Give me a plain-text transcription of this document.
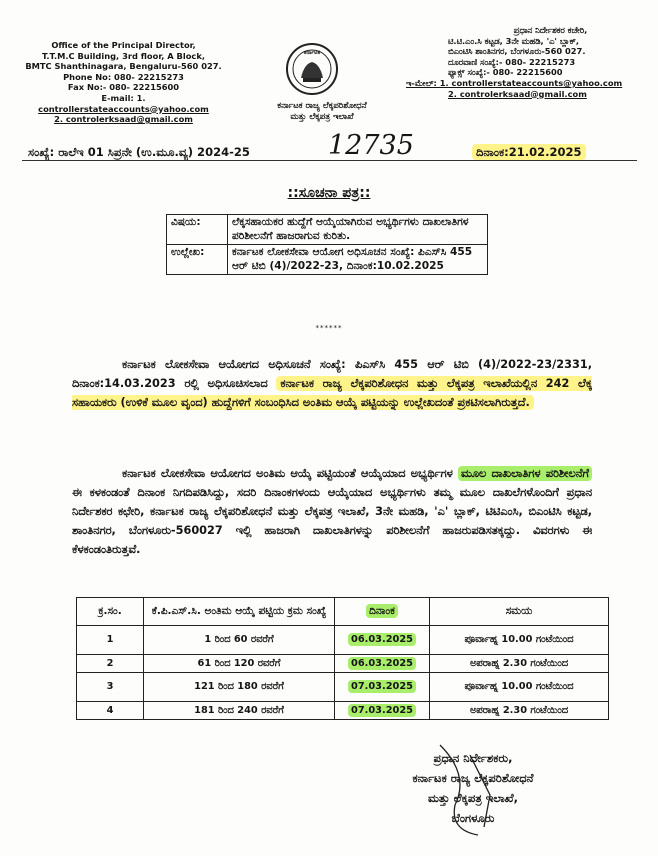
Office of the Principal Director,
T.T.M.C Building, 3rd floor, A Block,
BMTC Shanthinagara, Bengaluru-560 027.
Phone No: 080- 22215273
Fax No:- 080- 22215600
E-mail: 1.
controllerstateaccounts@yahoo.com
2. controlerksaad@gmail.com
ಕರ್ನಾಟಕ
ಕರ್ನಾಟಕ ರಾಜ್ಯ ಲೆಕ್ಕಪರಿಶೋಧನೆ
ಮತ್ತು ಲೆಕ್ಕಪತ್ರ ಇಲಾಖೆ
ಪ್ರಧಾನ ನಿರ್ದೇಶಕರ ಕಚೇರಿ,
ಟಿ.ಟಿ.ಎಂ.ಸಿ ಕಟ್ಟಡ, 3ನೇ ಮಹಡಿ, 'ಎ' ಬ್ಲಾಕ್,
ಬಿಎಂಟಿಸಿ ಶಾಂತಿನಗರ, ಬೆಂಗಳೂರು-560 027.
ದೂರವಾಣಿ ಸಂಖ್ಯೆ:- 080- 22215273
ಫ್ಯಾಕ್ಸ್ ಸಂಖ್ಯೆ:- 080- 22215600
ಇ-ಮೇಲ್: 1. controllerstateaccounts@yahoo.com
2. controlerksaad@gmail.com
ಸಂಖ್ಯೆ: ರಾಲೆಇ 01 ಸಿಪ್ರನೇ (ಉ.ಮೂ.ವ್ಯ) 2024-25	12735	ದಿನಾಂಕ:21.02.2025
::ಸೂಚನಾ ಪತ್ರ::
ವಿಷಯ:	ಲೆಕ್ಕಸಹಾಯಕರ ಹುದ್ದೆಗೆ ಆಯ್ಕೆಯಾಗಿರುವ ಅಭ್ಯರ್ಥಿಗಳು ದಾಖಲಾತಿಗಳ ಪರಿಶೀಲನೆಗೆ ಹಾಜರಾಗುವ ಕುರಿತು.
ಉಲ್ಲೇಖ:	ಕರ್ನಾಟಕ ಲೋಕಸೇವಾ ಆಯೋಗ ಅಧಿಸೂಚನ ಸಂಖ್ಯೆ: ಪಿಎಸ್‌ಸಿ 455 ಆರ್ ಟಿಬಿ (4)/2022-23, ದಿನಾಂಕ:10.02.2025
******
ಕರ್ನಾಟಕ ಲೋಕಸೇವಾ ಆಯೋಗದ ಅಧಿಸೂಚನೆ ಸಂಖ್ಯೆ: ಪಿಎಸ್‌ಸಿ 455 ಆರ್ ಟಿಬಿ (4)/2022-23/2331, ದಿನಾಂಕ:14.03.2023 ರಲ್ಲಿ ಅಧಿಸೂಚಿಸಲಾದ ಕರ್ನಾಟಕ ರಾಜ್ಯ ಲೆಕ್ಕಪರಿಶೋಧನ ಮತ್ತು ಲೆಕ್ಕಪತ್ರ ಇಲಾಖೆಯಲ್ಲಿನ 242 ಲೆಕ್ಕ ಸಹಾಯಕರು (ಉಳಿಕೆ ಮೂಲ ವೃಂದ) ಹುದ್ದೆಗಳಿಗೆ ಸಂಬಂಧಿಸಿದ ಅಂತಿಮ ಆಯ್ಕೆ ಪಟ್ಟಿಯನ್ನು ಉಲ್ಲೇಖದಂತೆ ಪ್ರಕಟಿಸಲಾಗಿರುತ್ತದೆ.
ಕರ್ನಾಟಕ ಲೋಕಸೇವಾ ಆಯೋಗದ ಅಂತಿಮ ಆಯ್ಕೆ ಪಟ್ಟಿಯಂತೆ ಆಯ್ಕೆಯಾದ ಅಭ್ಯರ್ಥಿಗಳ ಮೂಲ ದಾಖಲಾತಿಗಳ ಪರಿಶೀಲನೆಗೆ ಈ ಕಳಕಂಡಂತೆ ದಿನಾಂಕ ನಿಗದಿಪಡಿಸಿದ್ದು, ಸದರಿ ದಿನಾಂಕಗಳಂದು ಆಯ್ಕೆಯಾದ ಅಭ್ಯರ್ಥಿಗಳು ತಮ್ಮ ಮೂಲ ದಾಖಲೆಗಳೊಂದಿಗೆ ಪ್ರಧಾನ ನಿರ್ದೇಶಕರ ಕಛೇರಿ, ಕರ್ನಾಟಕ ರಾಜ್ಯ ಲೆಕ್ಕಪರಿಶೋಧನೆ ಮತ್ತು ಲೆಕ್ಕಪತ್ರ ಇಲಾಖೆ, 3ನೇ ಮಹಡಿ, 'ಎ' ಬ್ಲಾಕ್, ಟಿಟಿಎಂಸಿ, ಬಿಎಂಟಿಸಿ ಕಟ್ಟಡ, ಶಾಂತಿನಗರ, ಬೆಂಗಳೂರು-560027 ಇಲ್ಲಿ ಹಾಜರಾಗಿ ದಾಖಲಾತಿಗಳನ್ನು ಪರಿಶೀಲನೆಗೆ ಹಾಜರುಪಡಿಸತಕ್ಕದ್ದು. ವಿವರಗಳು ಈ ಕೆಳಕಂಡಂತಿರುತ್ತವೆ.
ಕ್ರ.ಸಂ.	ಕೆ.ಪಿ.ಎಸ್.ಸಿ. ಅಂತಿಮ ಆಯ್ಕೆ ಪಟ್ಟಿಯ ಕ್ರಮ ಸಂಖ್ಯೆ	ದಿನಾಂಕ	ಸಮಯ
1	1 ರಿಂದ 60 ರವರೆಗೆ	06.03.2025	ಪೂರ್ವಾಹ್ನ 10.00 ಗಂಟೆಯಿಂದ
2	61 ರಿಂದ 120 ರವರೆಗೆ	06.03.2025	ಅಪರಾಹ್ನ 2.30 ಗಂಟೆಯಿಂದ
3	121 ರಿಂದ 180 ರವರೆಗೆ	07.03.2025	ಪೂರ್ವಾಹ್ನ 10.00 ಗಂಟೆಯಿಂದ
4	181 ರಿಂದ 240 ರವರೆಗೆ	07.03.2025	ಅಪರಾಹ್ನ 2.30 ಗಂಟೆಯಿಂದ
ಪ್ರಧಾನ ನಿರ್ದೇಶಕರು,
ಕರ್ನಾಟಕ ರಾಜ್ಯ ಲೆಕ್ಕಪರಿಶೋಧನೆ
ಮತ್ತು ಲೆಕ್ಕಪತ್ರ ಇಲಾಖೆ,
ಬೆಂಗಳೂರು
